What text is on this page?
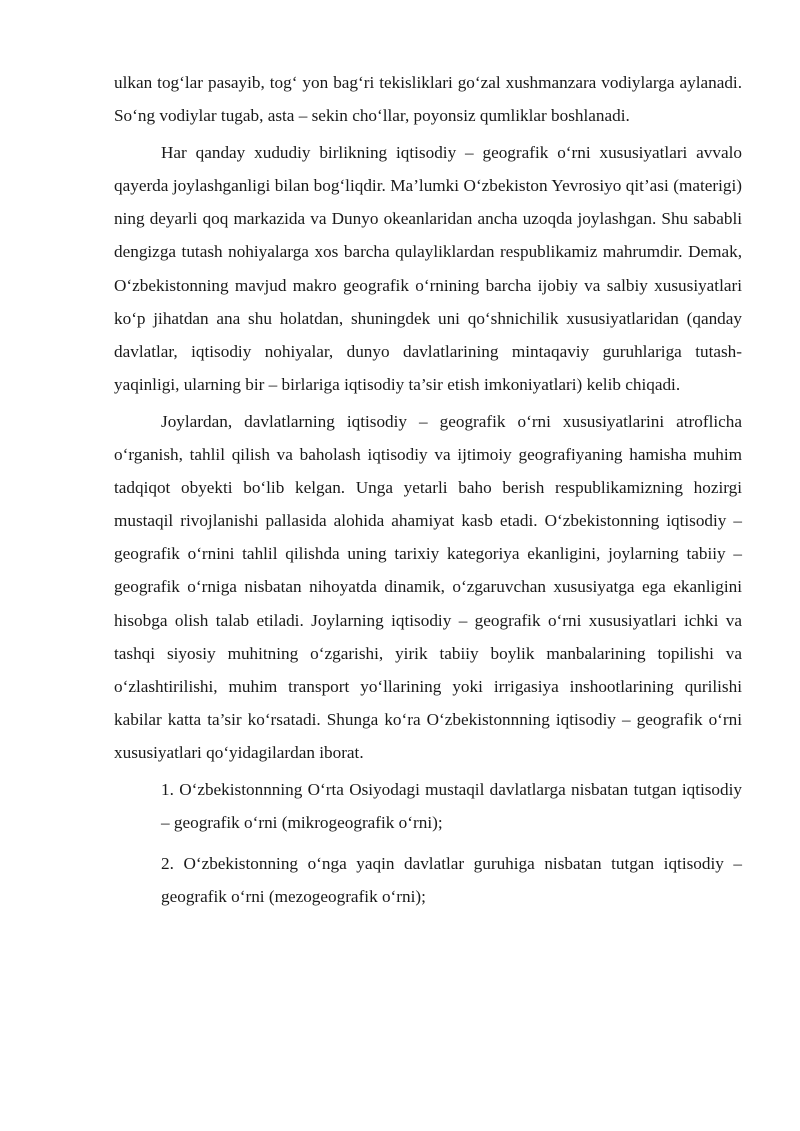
ulkan tog‘lar pasayib, tog‘ yon bag‘ri tekisliklari go‘zal xushmanzara vodiylarga aylanadi. So‘ng vodiylar tugab, asta – sekin cho‘llar, poyonsiz qumliklar boshlanadi.

Har qanday xududiy birlikning iqtisodiy – geografik o‘rni xususiyatlari avvalo qayerda joylashganligi bilan bog‘liqdir. Ma’lumki O‘zbekiston Yevrosiyo qit’asi (materigi) ning deyarli qoq markazida va Dunyo okeanlaridan ancha uzoqda joylashgan. Shu sababli dengizga tutash nohiyalarga xos barcha qulayliklardan respublikamiz mahrumdir. Demak, O‘zbekistonning mavjud makro geografik o‘rnining barcha ijobiy va salbiy xususiyatlari ko‘p jihatdan ana shu holatdan, shuningdek uni qo‘shnichilik xususiyatlaridan (qanday davlatlar, iqtisodiy nohiyalar, dunyo davlatlarining mintaqaviy guruhlariga tutash-yaqinligi, ularning bir – birlariga iqtisodiy ta’sir etish imkoniyatlari) kelib chiqadi.

Joylardan, davlatlarning iqtisodiy – geografik o‘rni xususiyatlarini atroflicha o‘rganish, tahlil qilish va baholash iqtisodiy va ijtimoiy geografiyaning hamisha muhim tadqiqot obyekti bo‘lib kelgan. Unga yetarli baho berish respublikamizning hozirgi mustaqil rivojlanishi pallasida alohida ahamiyat kasb etadi. O‘zbekistonning iqtisodiy – geografik o‘rnini tahlil qilishda uning tarixiy kategoriya ekanligini, joylarning tabiiy – geografik o‘rniga nisbatan nihoyatda dinamik, o‘zgaruvchan xususiyatga ega ekanligini hisobga olish talab etiladi. Joylarning iqtisodiy – geografik o‘rni xususiyatlari ichki va tashqi siyosiy muhitning o‘zgarishi, yirik tabiiy boylik manbalarining topilishi va o‘zlashtirilishi, muhim transport yo‘llarining yoki irrigasiya inshootlarining qurilishi kabilar katta ta’sir ko‘rsatadi. Shunga ko‘ra O‘zbekistonnning iqtisodiy – geografik o‘rni xususiyatlari qo‘yidagilardan iborat.

1. O‘zbekistonnning O‘rta Osiyodagi mustaqil davlatlarga nisbatan tutgan iqtisodiy – geografik o‘rni (mikrogeografik o‘rni);

2. O‘zbekistonning o‘nga yaqin davlatlar guruhiga nisbatan tutgan iqtisodiy – geografik o‘rni (mezogeografik o‘rni);
